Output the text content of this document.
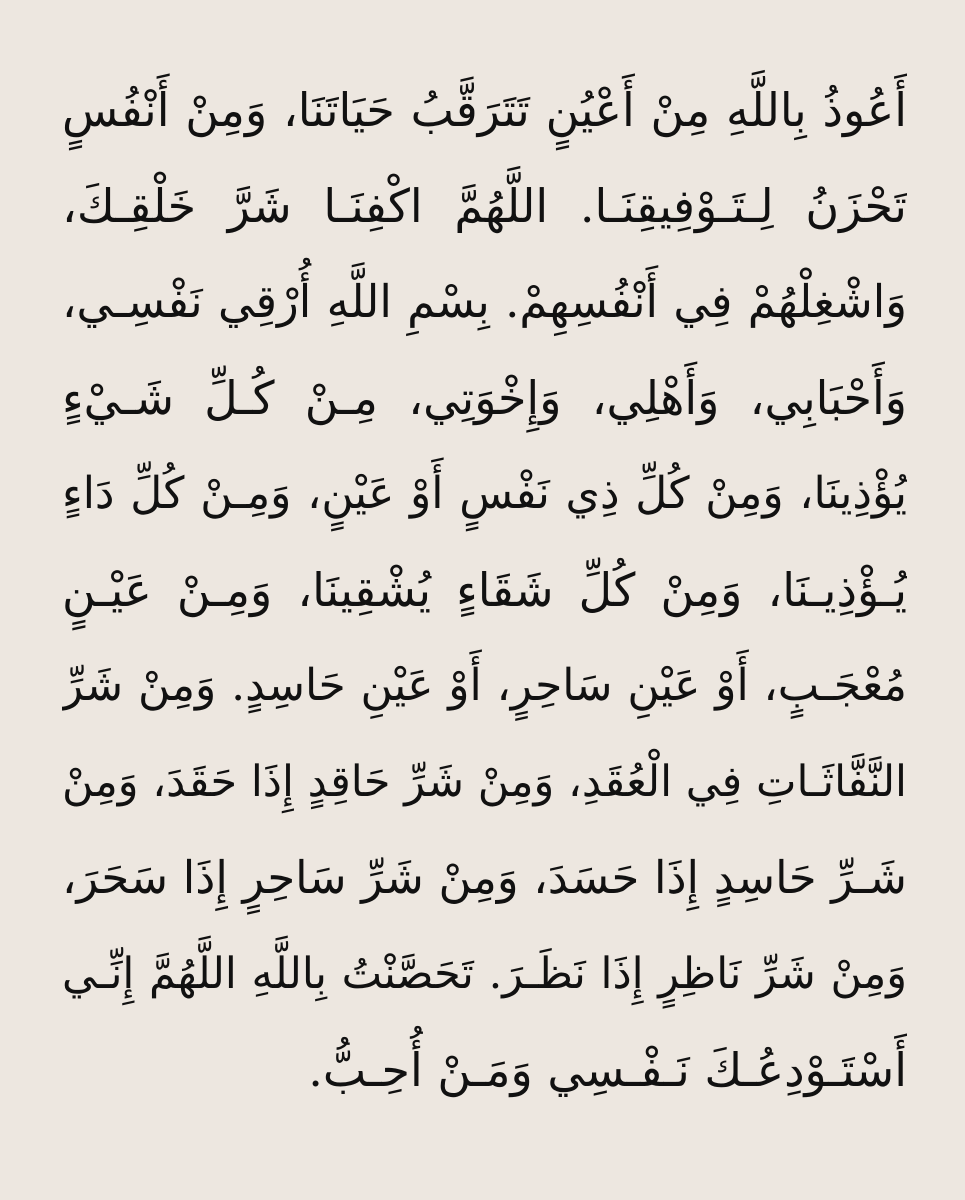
أَعُوذُ بِاللَّهِ مِنْ أَعْيُنٍ تَتَرَقَّبُ حَيَاتَنَا، وَمِنْ أَنْفُسٍ
تَحْزَنُ لِـتَـوْفِيقِنَـا. اللَّهُمَّ اكْفِنَـا شَرَّ خَلْقِـكَ،
وَاشْغِلْهُمْ فِي أَنْفُسِهِمْ. بِسْمِ اللَّهِ أُرْقِي نَفْسِـي،
وَأَحْبَابِي، وَأَهْلِي، وَإِخْوَتِي، مِـنْ كُـلِّ شَـيْءٍ
يُؤْذِينَا، وَمِنْ كُلِّ ذِي نَفْسٍ أَوْ عَيْنٍ، وَمِـنْ كُلِّ دَاءٍ
يُـؤْذِيـنَا، وَمِنْ كُلِّ شَقَاءٍ يُشْقِينَا، وَمِـنْ عَيْـنٍ
مُعْجَـبٍ، أَوْ عَيْنِ سَاحِرٍ، أَوْ عَيْنِ حَاسِدٍ. وَمِنْ شَرِّ
النَّفَّاثَـاتِ فِي الْعُقَدِ، وَمِنْ شَرِّ حَاقِدٍ إِذَا حَقَدَ، وَمِنْ
شَـرِّ حَاسِدٍ إِذَا حَسَدَ، وَمِنْ شَرِّ سَاحِرٍ إِذَا سَحَرَ،
وَمِنْ شَرِّ نَاظِرٍ إِذَا نَظَـرَ. تَحَصَّنْتُ بِاللَّهِ اللَّهُمَّ إِنِّـي
أَسْتَـوْدِعُـكَ نَـفْـسِي وَمَـنْ أُحِـبُّ.
